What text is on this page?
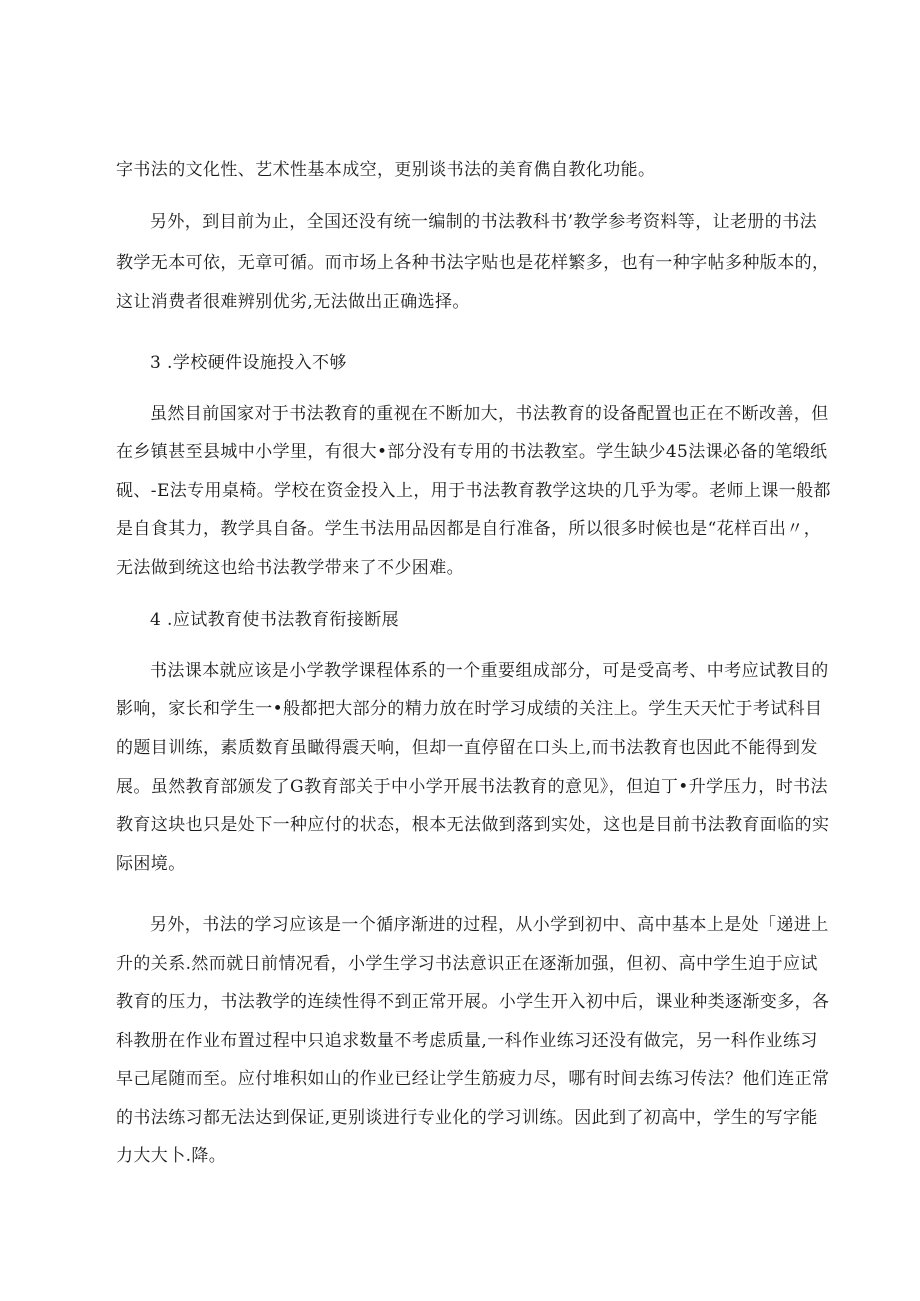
字书法的文化性、艺术性基本成空，更别谈书法的美育儁自教化功能。

另外，到目前为止，全国还没有统一编制的书法教科书’教学参考资料等，让老册的书法

教学无本可依，无章可循。而市场上各种书法字贴也是花样繁多，也有一种字帖多种版本的，

这让消费者很难辨别优劣,无法做出正确选择。

3 .学校硬件设施投入不够

虽然目前国家对于书法教育的重视在不断加大，书法教育的设备配置也正在不断改善，但

在乡镇甚至县城中小学里，有很大•部分没有专用的书法教室。学生缺少45法课必备的笔缎纸

砚、-E法专用桌椅。学校在资金投入上，用于书法教育教学这块的几乎为零。老师上课一般都

是自食其力，教学具自备。学生书法用品因都是自行准备，所以很多时候也是“花样百出〃，

无法做到统这也给书法教学带来了不少困难。

4 .应试教育使书法教育衔接断展

书法课本就应该是小学教学课程体系的一个重要组成部分，可是受高考、中考应试教目的

影响，家长和学生一•般都把大部分的精力放在时学习成绩的关注上。学生天天忙于考试科目

的题目训练，素质数育虽瞰得震天响，但却一直停留在口头上,而书法教育也因此不能得到发

展。虽然教育部颁发了G教育部关于中小学开展书法教育的意见》，但迫丁•升学压力，时书法

教育这块也只是处下一种应付的状态，根本无法做到落到实处，这也是目前书法教育面临的实

际困境。

另外，书法的学习应该是一个循序渐进的过程，从小学到初中、高中基本上是处「递进上

升的关系.然而就日前情况看，小学生学习书法意识正在逐渐加强，但初、高中学生迫于应试

教育的压力，书法教学的连续性得不到正常开展。小学生开入初中后，课业种类逐渐变多，各

科教册在作业布置过程中只追求数量不考虑质量,一科作业练习还没有做完，另一科作业练习

早己尾随而至。应付堆积如山的作业已经让学生筋疲力尽，哪有时间去练习传法？他们连正常

的书法练习都无法达到保证,更别谈进行专业化的学习训练。因此到了初高中，学生的写字能

力大大卜.降。
